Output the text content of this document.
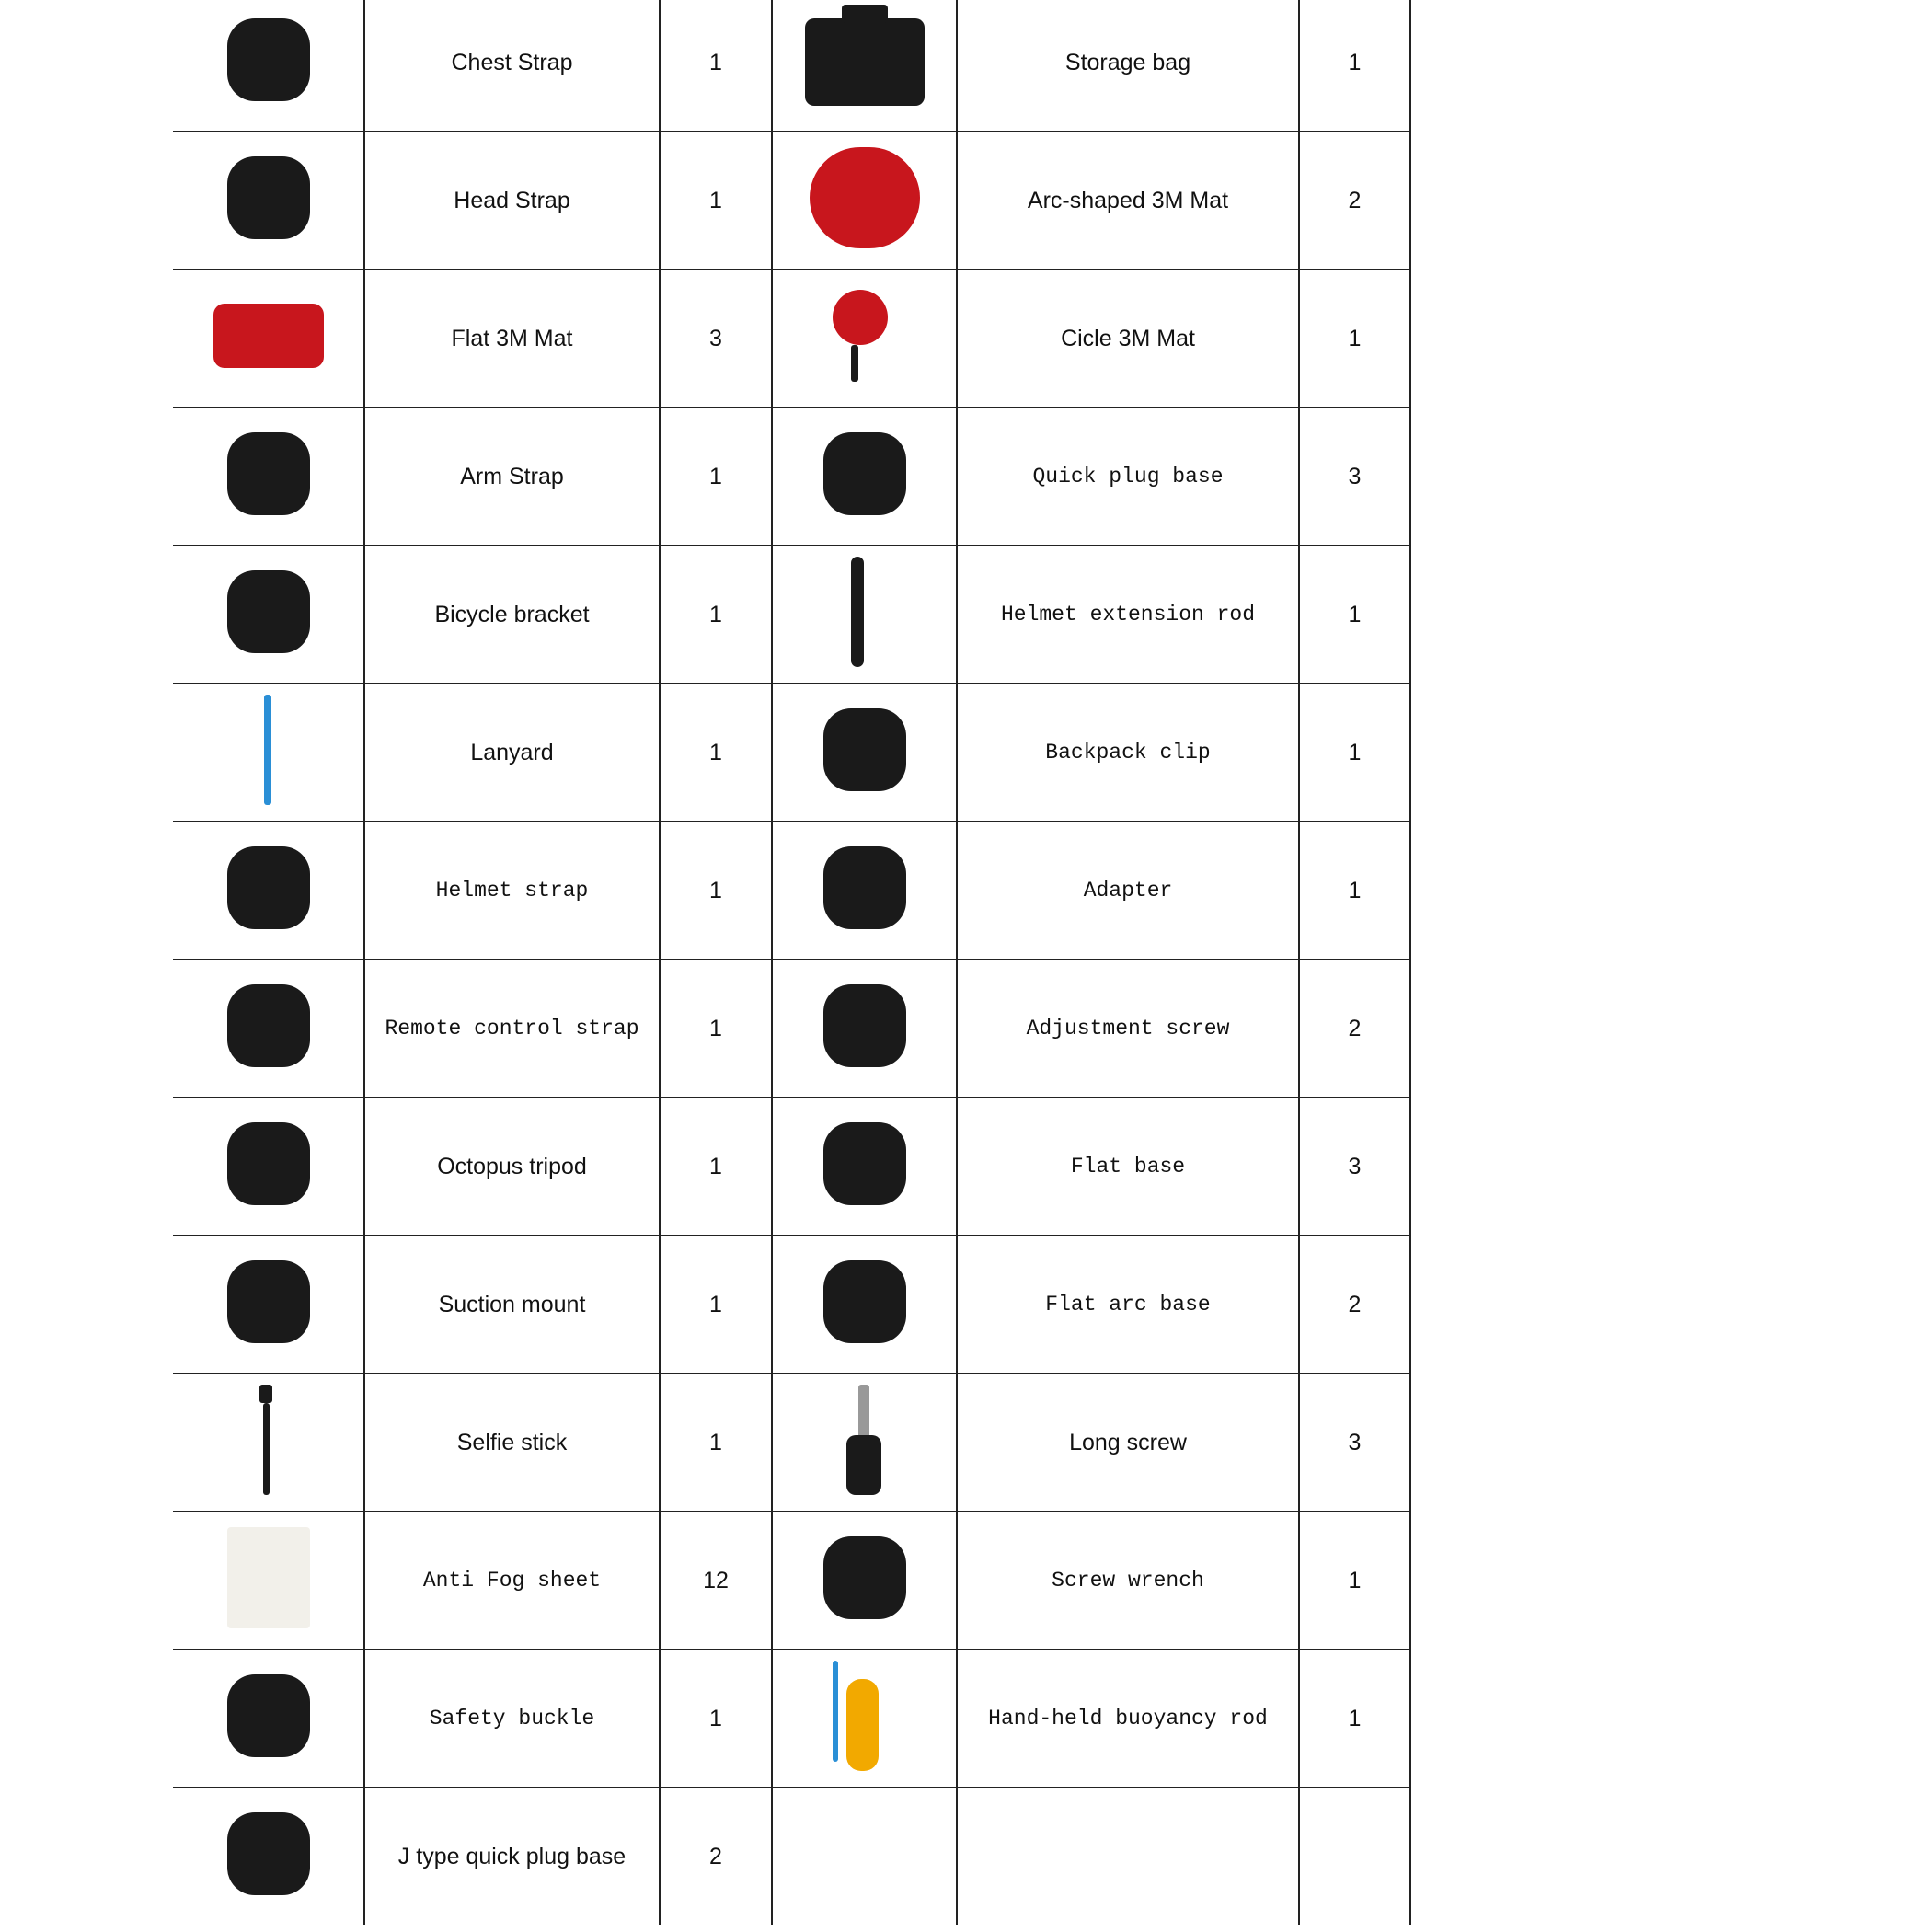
	Chest Strap	1		Storage bag	1

	Head Strap	1		Arc-shaped 3M Mat	2

	Flat 3M Mat	3		Cicle 3M Mat	1

	Arm Strap	1		Quick plug base	3

	Bicycle bracket	1		Helmet extension rod	1

	Lanyard	1		Backpack clip	1

	Helmet strap	1		Adapter	1

	Remote control strap	1		Adjustment screw	2

	Octopus tripod	1		Flat base	3

	Suction mount	1		Flat arc base	2

	Selfie stick	1		Long screw	3

	Anti Fog sheet	12		Screw wrench	1

	Safety buckle	1		Hand-held buoyancy rod	1

	J type quick plug base	2			
